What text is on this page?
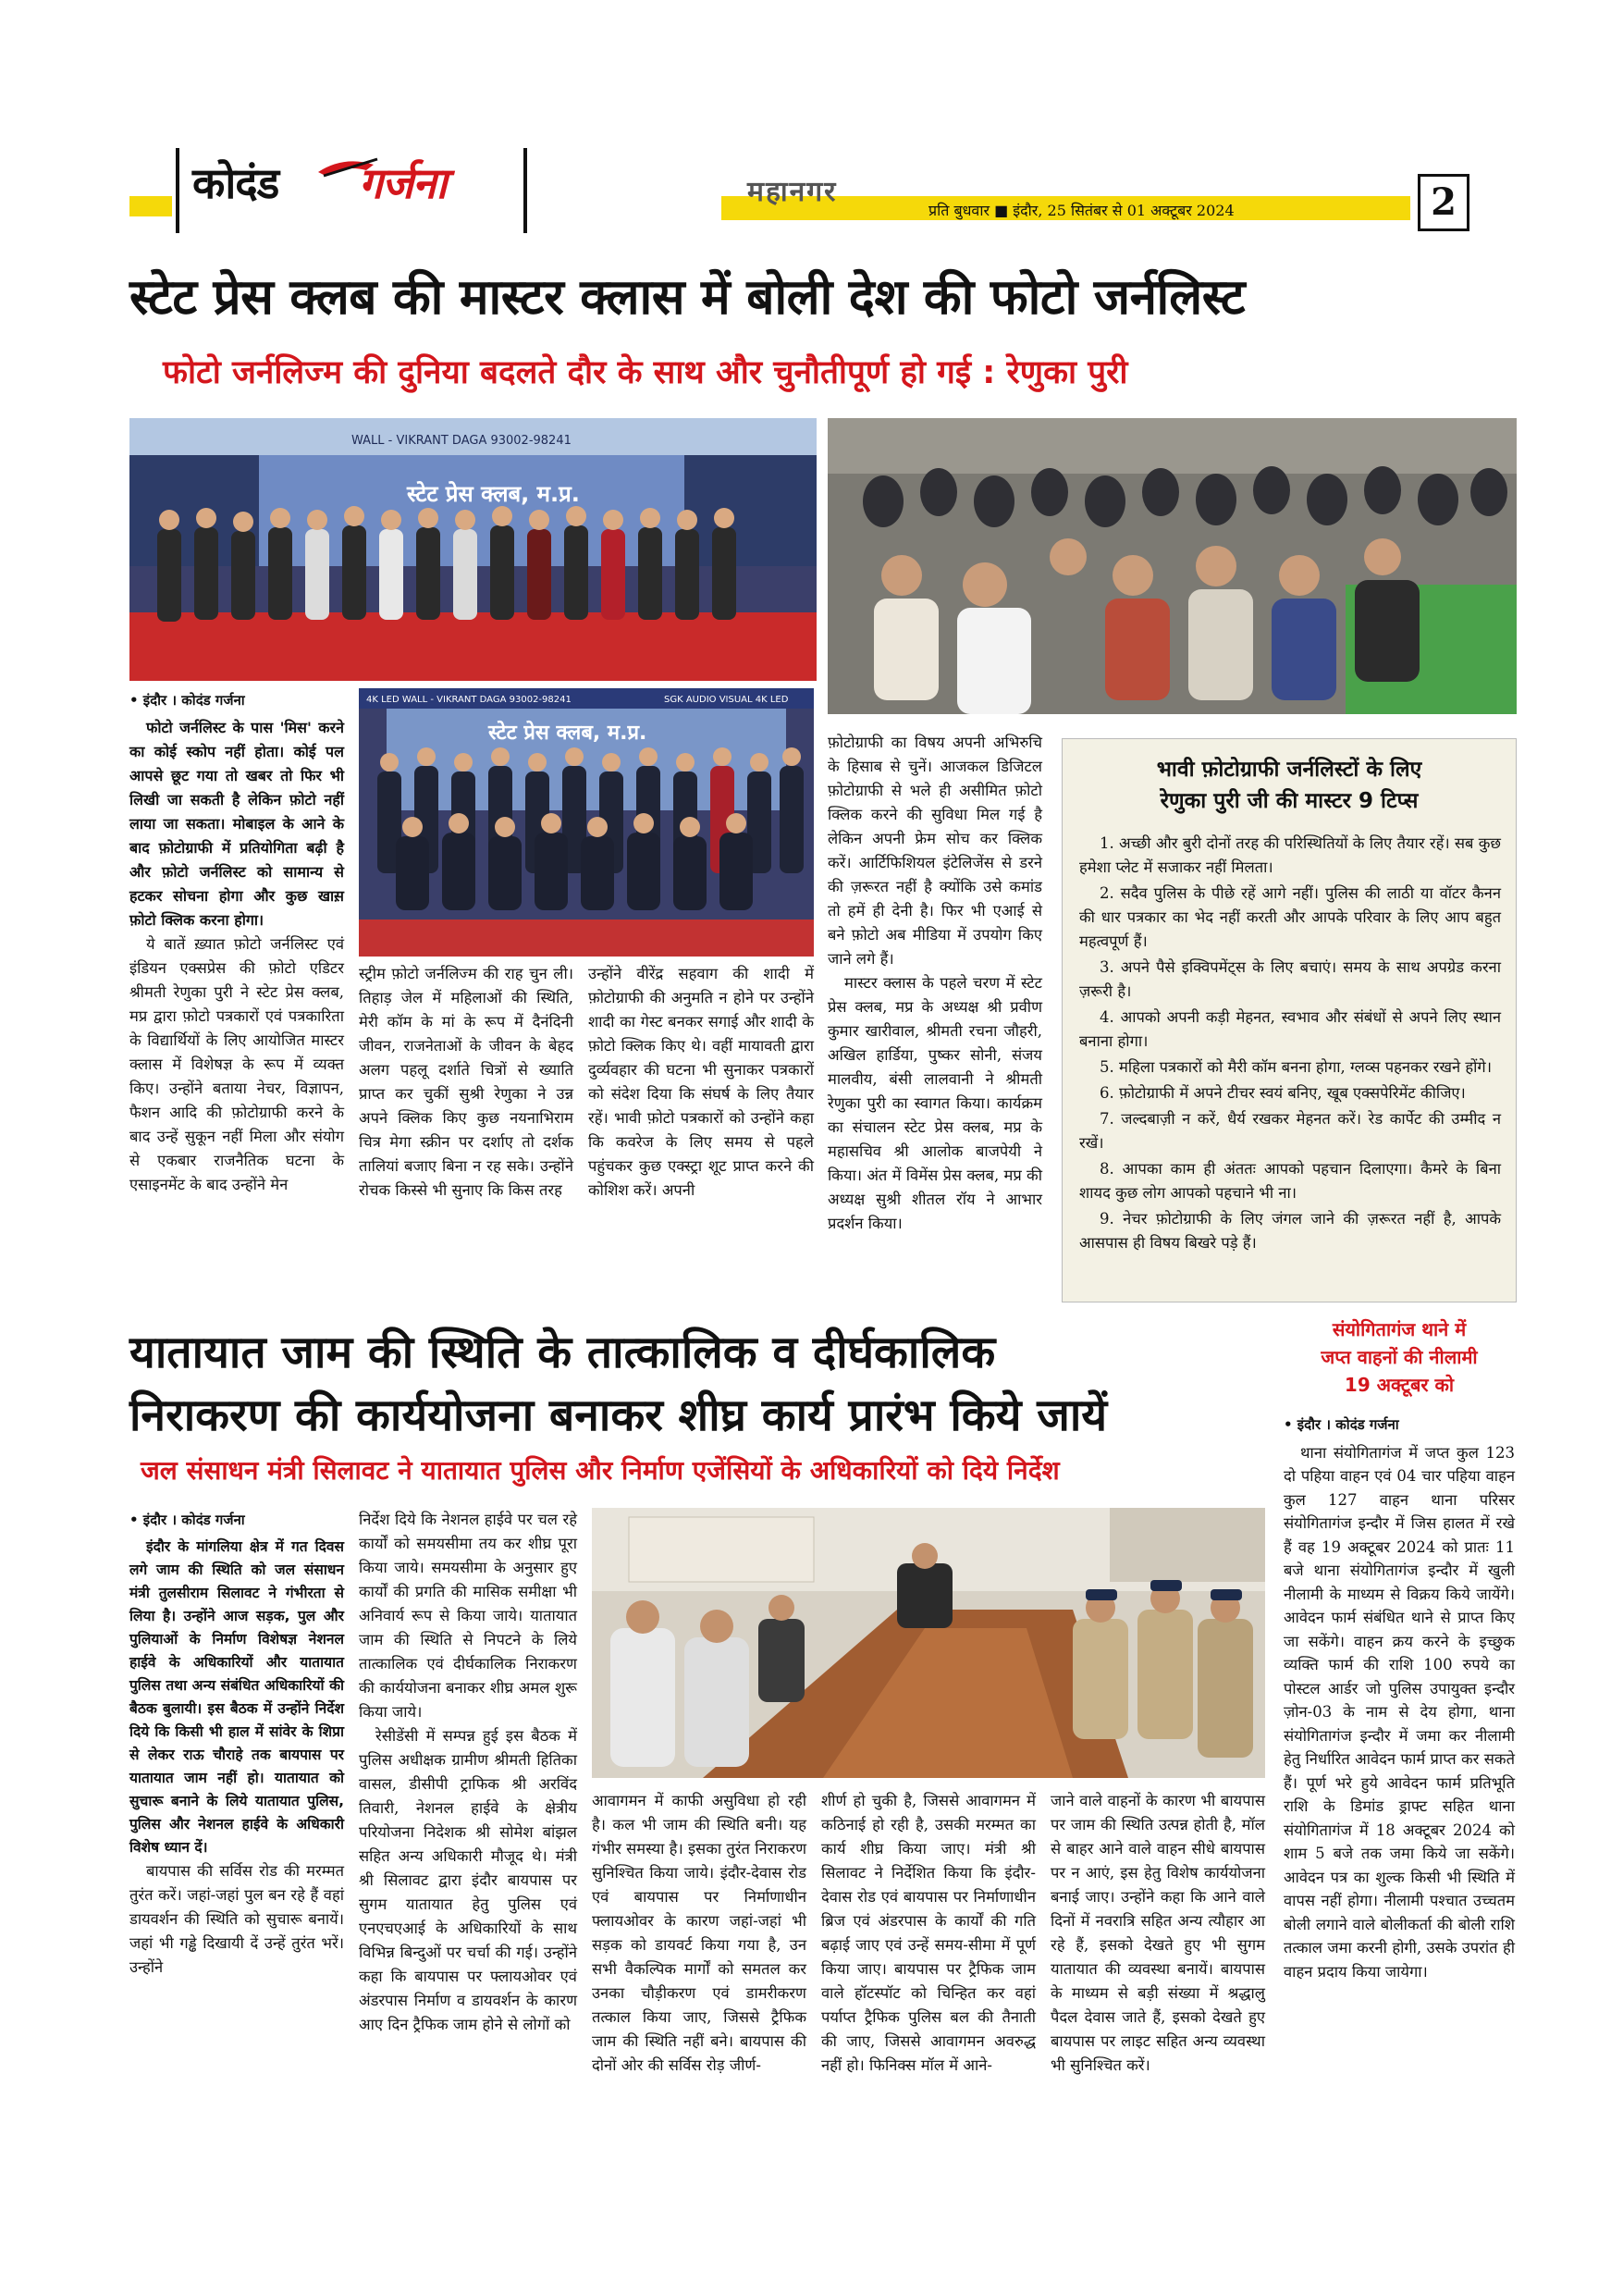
कोदंड गर्जना	महानगर
प्रति बुधवार ■ इंदौर, 25 सितंबर से 01 अक्टूबर 2024	2
स्टेट प्रेस क्लब की मास्टर क्लास में बोली देश की फोटो जर्नलिस्ट
फोटो जर्नलिज्म की दुनिया बदलते दौर के साथ और चुनौतीपूर्ण हो गई : रेणुका पुरी
WALL - VIKRANT DAGA 93002-98241
स्टेट प्रेस क्लब, म.प्र.
4K LED WALL - VIKRANT DAGA 93002-98241	SGK AUDIO VISUAL 4K LED
स्टेट प्रेस क्लब, म.प्र.
• इंदौर । कोदंड गर्जना

फोटो जर्नलिस्ट के पास 'मिस' करने का कोई स्कोप नहीं होता। कोई पल आपसे छूट गया तो खबर तो फिर भी लिखी जा सकती है लेकिन फ़ोटो नहीं लाया जा सकता। मोबाइल के आने के बाद फ़ोटोग्राफी में प्रतियोगिता बढ़ी है और फ़ोटो जर्नलिस्ट को सामान्य से हटकर सोचना होगा और कुछ खास़ फ़ोटो क्लिक करना होगा।

ये बातें ख़्यात फ़ोटो जर्नलिस्ट एवं इंडियन एक्सप्रेस की फ़ोटो एडिटर श्रीमती रेणुका पुरी ने स्टेट प्रेस क्लब, मप्र द्वारा फ़ोटो पत्रकारों एवं पत्रकारिता के विद्यार्थियों के लिए आयोजित मास्टर क्लास में विशेषज्ञ के रूप में व्यक्त किए। उन्होंने बताया नेचर, विज्ञापन, फैशन आदि की फ़ोटोग्राफी करने के बाद उन्हें सुकून नहीं मिला और संयोग से एकबार राजनैतिक घटना के एसाइनमेंट के बाद उन्होंने मेन

स्ट्रीम फ़ोटो जर्नलिज्म की राह चुन ली। तिहाड़ जेल में महिलाओं की स्थिति, मेरी कॉम के मां के रूप में दैनंदिनी जीवन, राजनेताओं के जीवन के बेहद अलग पहलू दर्शाते चित्रों से ख्याति प्राप्त कर चुकीं सुश्री रेणुका ने उन्न अपने क्लिक किए कुछ नयनाभिराम चित्र मेगा स्क्रीन पर दर्शाए तो दर्शक तालियां बजाए बिना न रह सके। उन्होंने रोचक किस्से भी सुनाए कि किस तरह

उन्होंने वीरेंद्र सहवाग की शादी में फ़ोटोग्राफी की अनुमति न होने पर उन्होंने शादी का गेस्ट बनकर सगाई और शादी के फ़ोटो क्लिक किए थे। वहीं मायावती द्वारा दुर्व्यवहार की घटना भी सुनाकर पत्रकारों को संदेश दिया कि संघर्ष के लिए तैयार रहें। भावी फ़ोटो पत्रकारों को उन्होंने कहा कि कवरेज के लिए समय से पहले पहुंचकर कुछ एक्स्ट्रा शूट प्राप्त करने की कोशिश करें। अपनी

फ़ोटोग्राफी का विषय अपनी अभिरुचि के हिसाब से चुनें। आजकल डिजिटल फ़ोटोग्राफी से भले ही असीमित फ़ोटो क्लिक करने की सुविधा मिल गई है लेकिन अपनी फ्रेम सोच कर क्लिक करें। आर्टिफिशियल इंटेलिजेंस से डरने की ज़रूरत नहीं है क्योंकि उसे कमांड तो हमें ही देनी है। फिर भी एआई से बने फ़ोटो अब मीडिया में उपयोग किए जाने लगे हैं।

मास्टर क्लास के पहले चरण में स्टेट प्रेस क्लब, मप्र के अध्यक्ष श्री प्रवीण कुमार खारीवाल, श्रीमती रचना जौहरी, अखिल हार्डिया, पुष्कर सोनी, संजय मालवीय, बंसी लालवानी ने श्रीमती रेणुका पुरी का स्वागत किया। कार्यक्रम का संचालन स्टेट प्रेस क्लब, मप्र के महासचिव श्री आलोक बाजपेयी ने किया। अंत में विमेंस प्रेस क्लब, मप्र की अध्यक्ष सुश्री शीतल रॉय ने आभार प्रदर्शन किया।

भावी फ़ोटोग्राफी जर्नलिस्टों के लिए
रेणुका पुरी जी की मास्टर 9 टिप्स

1. अच्छी और बुरी दोनों तरह की परिस्थितियों के लिए तैयार रहें। सब कुछ हमेशा प्लेट में सजाकर नहीं मिलता।

2. सदैव पुलिस के पीछे रहें आगे नहीं। पुलिस की लाठी या वॉटर कैनन की धार पत्रकार का भेद नहीं करती और आपके परिवार के लिए आप बहुत महत्वपूर्ण हैं।

3. अपने पैसे इक्विपमेंट्स के लिए बचाएं। समय के साथ अपग्रेड करना ज़रूरी है।

4. आपको अपनी कड़ी मेहनत, स्वभाव और संबंधों से अपने लिए स्थान बनाना होगा।

5. महिला पत्रकारों को मैरी कॉम बनना होगा, ग्लव्स पहनकर रखने होंगे।

6. फ़ोटोग्राफी में अपने टीचर स्वयं बनिए, खूब एक्सपेरिमेंट कीजिए।

7. जल्दबाज़ी न करें, धैर्य रखकर मेहनत करें। रेड कार्पेट की उम्मीद न रखें।

8. आपका काम ही अंततः आपको पहचान दिलाएगा। कैमरे के बिना शायद कुछ लोग आपको पहचाने भी ना।

9. नेचर फ़ोटोग्राफी के लिए जंगल जाने की ज़रूरत नहीं है, आपके आसपास ही विषय बिखरे पड़े हैं।

यातायात जाम की स्थिति के तात्कालिक व दीर्घकालिक
निराकरण की कार्ययोजना बनाकर शीघ्र कार्य प्रारंभ किये जायें
जल संसाधन मंत्री सिलावट ने यातायात पुलिस और निर्माण एजेंसियों के अधिकारियों को दिये निर्देश
• इंदौर । कोदंड गर्जना

इंदौर के मांगलिया क्षेत्र में गत दिवस लगे जाम की स्थिति को जल संसाधन मंत्री तुलसीराम सिलावट ने गंभीरता से लिया है। उन्होंने आज सड़क, पुल और पुलियाओं के निर्माण विशेषज्ञ नेशनल हाईवे के अधिकारियों और यातायात पुलिस तथा अन्य संबंधित अधिकारियों की बैठक बुलायी। इस बैठक में उन्होंने निर्देश दिये कि किसी भी हाल में सांवेर के शिप्रा से लेकर राऊ चौराहे तक बायपास पर यातायात जाम नहीं हो। यातायात को सुचारू बनाने के लिये यातायात पुलिस, पुलिस और नेशनल हाईवे के अधिकारी विशेष ध्यान दें।

बायपास की सर्विस रोड की मरम्मत तुरंत करें। जहां-जहां पुल बन रहे हैं वहां डायवर्शन की स्थिति को सुचारू बनायें। जहां भी गड्ढे दिखायी दें उन्हें तुरंत भरें। उन्होंने

निर्देश दिये कि नेशनल हाईवे पर चल रहे कार्यों को समयसीमा तय कर शीघ्र पूरा किया जाये। समयसीमा के अनुसार हुए कार्यों की प्रगति की मासिक समीक्षा भी अनिवार्य रूप से किया जाये। यातायात जाम की स्थिति से निपटने के लिये तात्कालिक एवं दीर्घकालिक निराकरण की कार्ययोजना बनाकर शीघ्र अमल शुरू किया जाये।

रेसीडेंसी में सम्पन्न हुई इस बैठक में पुलिस अधीक्षक ग्रामीण श्रीमती हितिका वासल, डीसीपी ट्राफिक श्री अरविंद तिवारी, नेशनल हाईवे के क्षेत्रीय परियोजना निदेशक श्री सोमेश बांझल सहित अन्य अधिकारी मौजूद थे। मंत्री श्री सिलावट द्वारा इंदौर बायपास पर सुगम यातायात हेतु पुलिस एवं एनएचएआई के अधिकारियों के साथ विभिन्न बिन्दुओं पर चर्चा की गई। उन्होंने कहा कि बायपास पर फ्लायओवर एवं अंडरपास निर्माण व डायवर्शन के कारण आए दिन ट्रैफिक जाम होने से लोगों को

आवागमन में काफी असुविधा हो रही है। कल भी जाम की स्थिति बनी। यह गंभीर समस्या है। इसका तुरंत निराकरण सुनिश्चित किया जाये। इंदौर-देवास रोड एवं बायपास पर निर्माणाधीन फ्लायओवर के कारण जहां-जहां भी सड़क को डायवर्ट किया गया है, उन सभी वैकल्पिक मार्गों को समतल कर उनका चौड़ीकरण एवं डामरीकरण तत्काल किया जाए, जिससे ट्रैफिक जाम की स्थिति नहीं बने। बायपास की दोनों ओर की सर्विस रोड़ जीर्ण-

शीर्ण हो चुकी है, जिससे आवागमन में कठिनाई हो रही है, उसकी मरम्मत का कार्य शीघ्र किया जाए। मंत्री श्री सिलावट ने निर्देशित किया कि इंदौर-देवास रोड एवं बायपास पर निर्माणाधीन ब्रिज एवं अंडरपास के कार्यों की गति बढ़ाई जाए एवं उन्हें समय-सीमा में पूर्ण किया जाए। बायपास पर ट्रैफिक जाम वाले हॉटस्पॉट को चिन्हित कर वहां पर्याप्त ट्रैफिक पुलिस बल की तैनाती की जाए, जिससे आवागमन अवरुद्ध नहीं हो। फिनिक्स मॉल में आने-

जाने वाले वाहनों के कारण भी बायपास पर जाम की स्थिति उत्पन्न होती है, मॉल से बाहर आने वाले वाहन सीधे बायपास पर न आएं, इस हेतु विशेष कार्ययोजना बनाई जाए। उन्होंने कहा कि आने वाले दिनों में नवरात्रि सहित अन्य त्यौहार आ रहे हैं, इसको देखते हुए भी सुगम यातायात की व्यवस्था बनायें। बायपास के माध्यम से बड़ी संख्या में श्रद्धालु पैदल देवास जाते हैं, इसको देखते हुए बायपास पर लाइट सहित अन्य व्यवस्था भी सुनिश्चित करें।

संयोगितागंज थाने में
जप्त वाहनों की नीलामी
19 अक्टूबर को
• इंदौर । कोदंड गर्जना

थाना संयोगितागंज में जप्त कुल 123 दो पहिया वाहन एवं 04 चार पहिया वाहन कुल 127 वाहन थाना परिसर संयोगितागंज इन्दौर में जिस हालत में रखे हैं वह 19 अक्टूबर 2024 को प्रातः 11 बजे थाना संयोगितागंज इन्दौर में खुली नीलामी के माध्यम से विक्रय किये जायेंगे। आवेदन फार्म संबंधित थाने से प्राप्त किए जा सकेंगे। वाहन क्रय करने के इच्छुक व्यक्ति फार्म की राशि 100 रुपये का पोस्टल आर्डर जो पुलिस उपायुक्त इन्दौर ज़ोन-03 के नाम से देय होगा, थाना संयोगितागंज इन्दौर में जमा कर नीलामी हेतु निर्धारित आवेदन फार्म प्राप्त कर सकते हैं। पूर्ण भरे हुये आवेदन फार्म प्रतिभूति राशि के डिमांड ड्राफ्ट सहित थाना संयोगितागंज में 18 अक्टूबर 2024 को शाम 5 बजे तक जमा किये जा सकेंगे। आवेदन पत्र का शुल्क किसी भी स्थिति में वापस नहीं होगा। नीलामी पश्चात उच्चतम बोली लगाने वाले बोलीकर्ता की बोली राशि तत्काल जमा करनी होगी, उसके उपरांत ही वाहन प्रदाय किया जायेगा।
